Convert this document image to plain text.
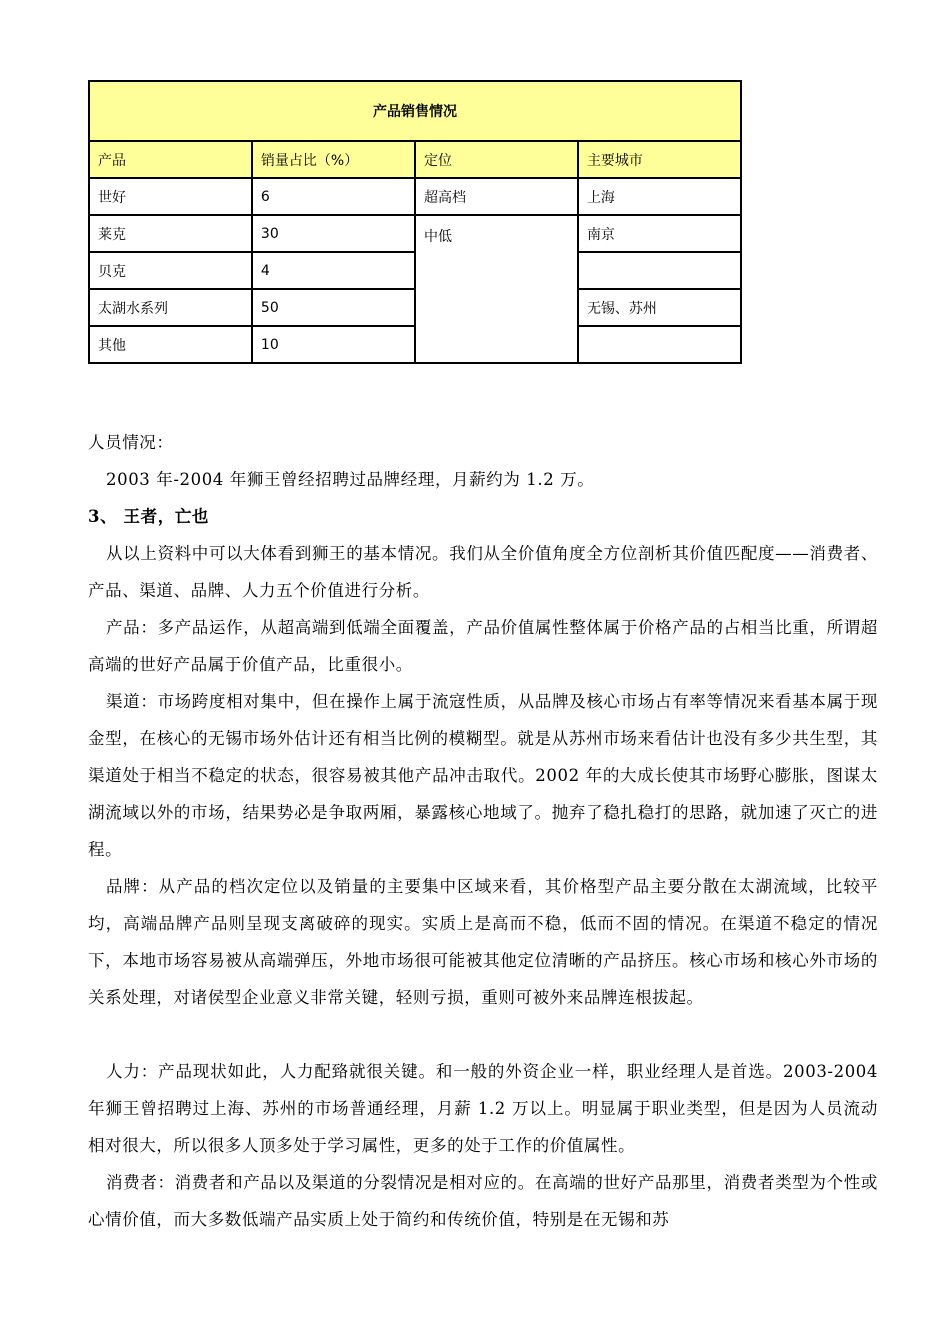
产品销售情况			
产品	销量占比（%）	定位	主要城市
世好	6	超高档	上海
莱克	30	中低	南京
贝克	4		
太湖水系列	50		无锡、苏州
其他	10		

人员情况：

2003 年-2004 年狮王曾经招聘过品牌经理，月薪约为 1.2 万。

3、 王者，亡也

从以上资料中可以大体看到狮王的基本情况。我们从全价值角度全方位剖析其价值匹配度——消费者、产品、渠道、品牌、人力五个价值进行分析。

产品：多产品运作，从超高端到低端全面覆盖，产品价值属性整体属于价格产品的占相当比重，所谓超高端的世好产品属于价值产品，比重很小。

渠道：市场跨度相对集中，但在操作上属于流寇性质，从品牌及核心市场占有率等情况来看基本属于现金型，在核心的无锡市场外估计还有相当比例的模糊型。就是从苏州市场来看估计也没有多少共生型，其渠道处于相当不稳定的状态，很容易被其他产品冲击取代。2002 年的大成长使其市场野心膨胀，图谋太湖流域以外的市场，结果势必是争取两厢，暴露核心地域了。抛弃了稳扎稳打的思路，就加速了灭亡的进程。

品牌：从产品的档次定位以及销量的主要集中区域来看，其价格型产品主要分散在太湖流域，比较平均，高端品牌产品则呈现支离破碎的现实。实质上是高而不稳，低而不固的情况。在渠道不稳定的情况下，本地市场容易被从高端弹压，外地市场很可能被其他定位清晰的产品挤压。核心市场和核心外市场的关系处理，对诸侯型企业意义非常关键，轻则亏损，重则可被外来品牌连根拔起。

人力：产品现状如此，人力配臵就很关键。和一般的外资企业一样，职业经理人是首选。2003-2004 年狮王曾招聘过上海、苏州的市场普通经理，月薪 1.2 万以上。明显属于职业类型，但是因为人员流动相对很大，所以很多人顶多处于学习属性，更多的处于工作的价值属性。

消费者：消费者和产品以及渠道的分裂情况是相对应的。在高端的世好产品那里，消费者类型为个性或心情价值，而大多数低端产品实质上处于简约和传统价值，特别是在无锡和苏
